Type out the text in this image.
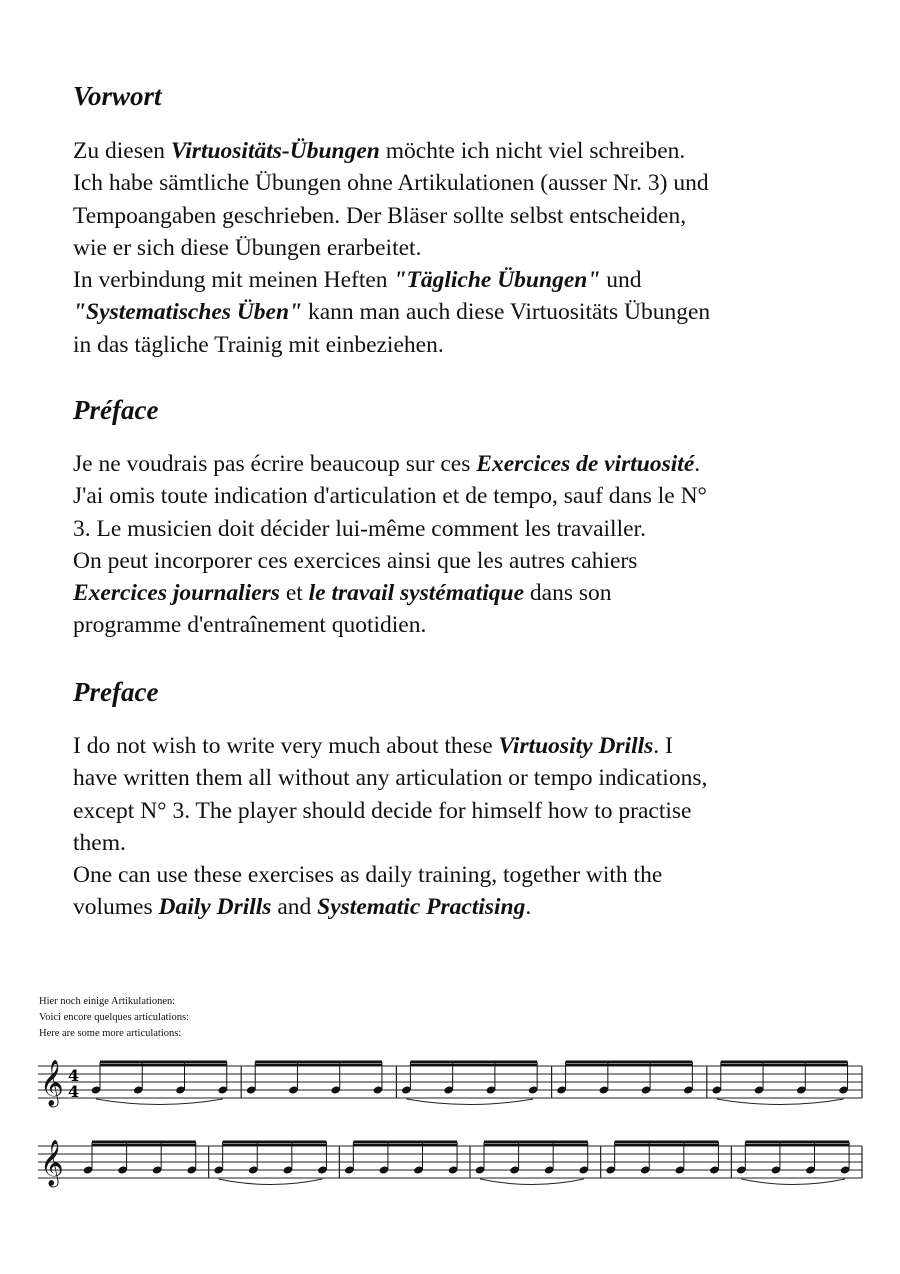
Vorwort

Zu diesen Virtuositäts-Übungen möchte ich nicht viel schreiben.
Ich habe sämtliche Übungen ohne Artikulationen (ausser Nr. 3) und
Tempoangaben geschrieben. Der Bläser sollte selbst entscheiden,
wie er sich diese Übungen erarbeitet.
In verbindung mit meinen Heften "Tägliche Übungen" und
"Systematisches Üben" kann man auch diese Virtuositäts Übungen
in das tägliche Trainig mit einbeziehen.

Préface

Je ne voudrais pas écrire beaucoup sur ces Exercices de virtuosité.
J'ai omis toute indication d'articulation et de tempo, sauf dans le N°
3. Le musicien doit décider lui-même comment les travailler.
On peut incorporer ces exercices ainsi que les autres cahiers
Exercices journaliers et le travail systématique dans son
programme d'entraînement quotidien.

Preface

I do not wish to write very much about these Virtuosity Drills. I
have written them all without any articulation or tempo indications,
except N° 3. The player should decide for himself how to practise
them.
One can use these exercises as daily training, together with the
volumes Daily Drills and Systematic Practising.

Hier noch einige Artikulationen:
Voici encore quelques articulations:
Here are some more articulations:
𝄞 4
4
𝄞
